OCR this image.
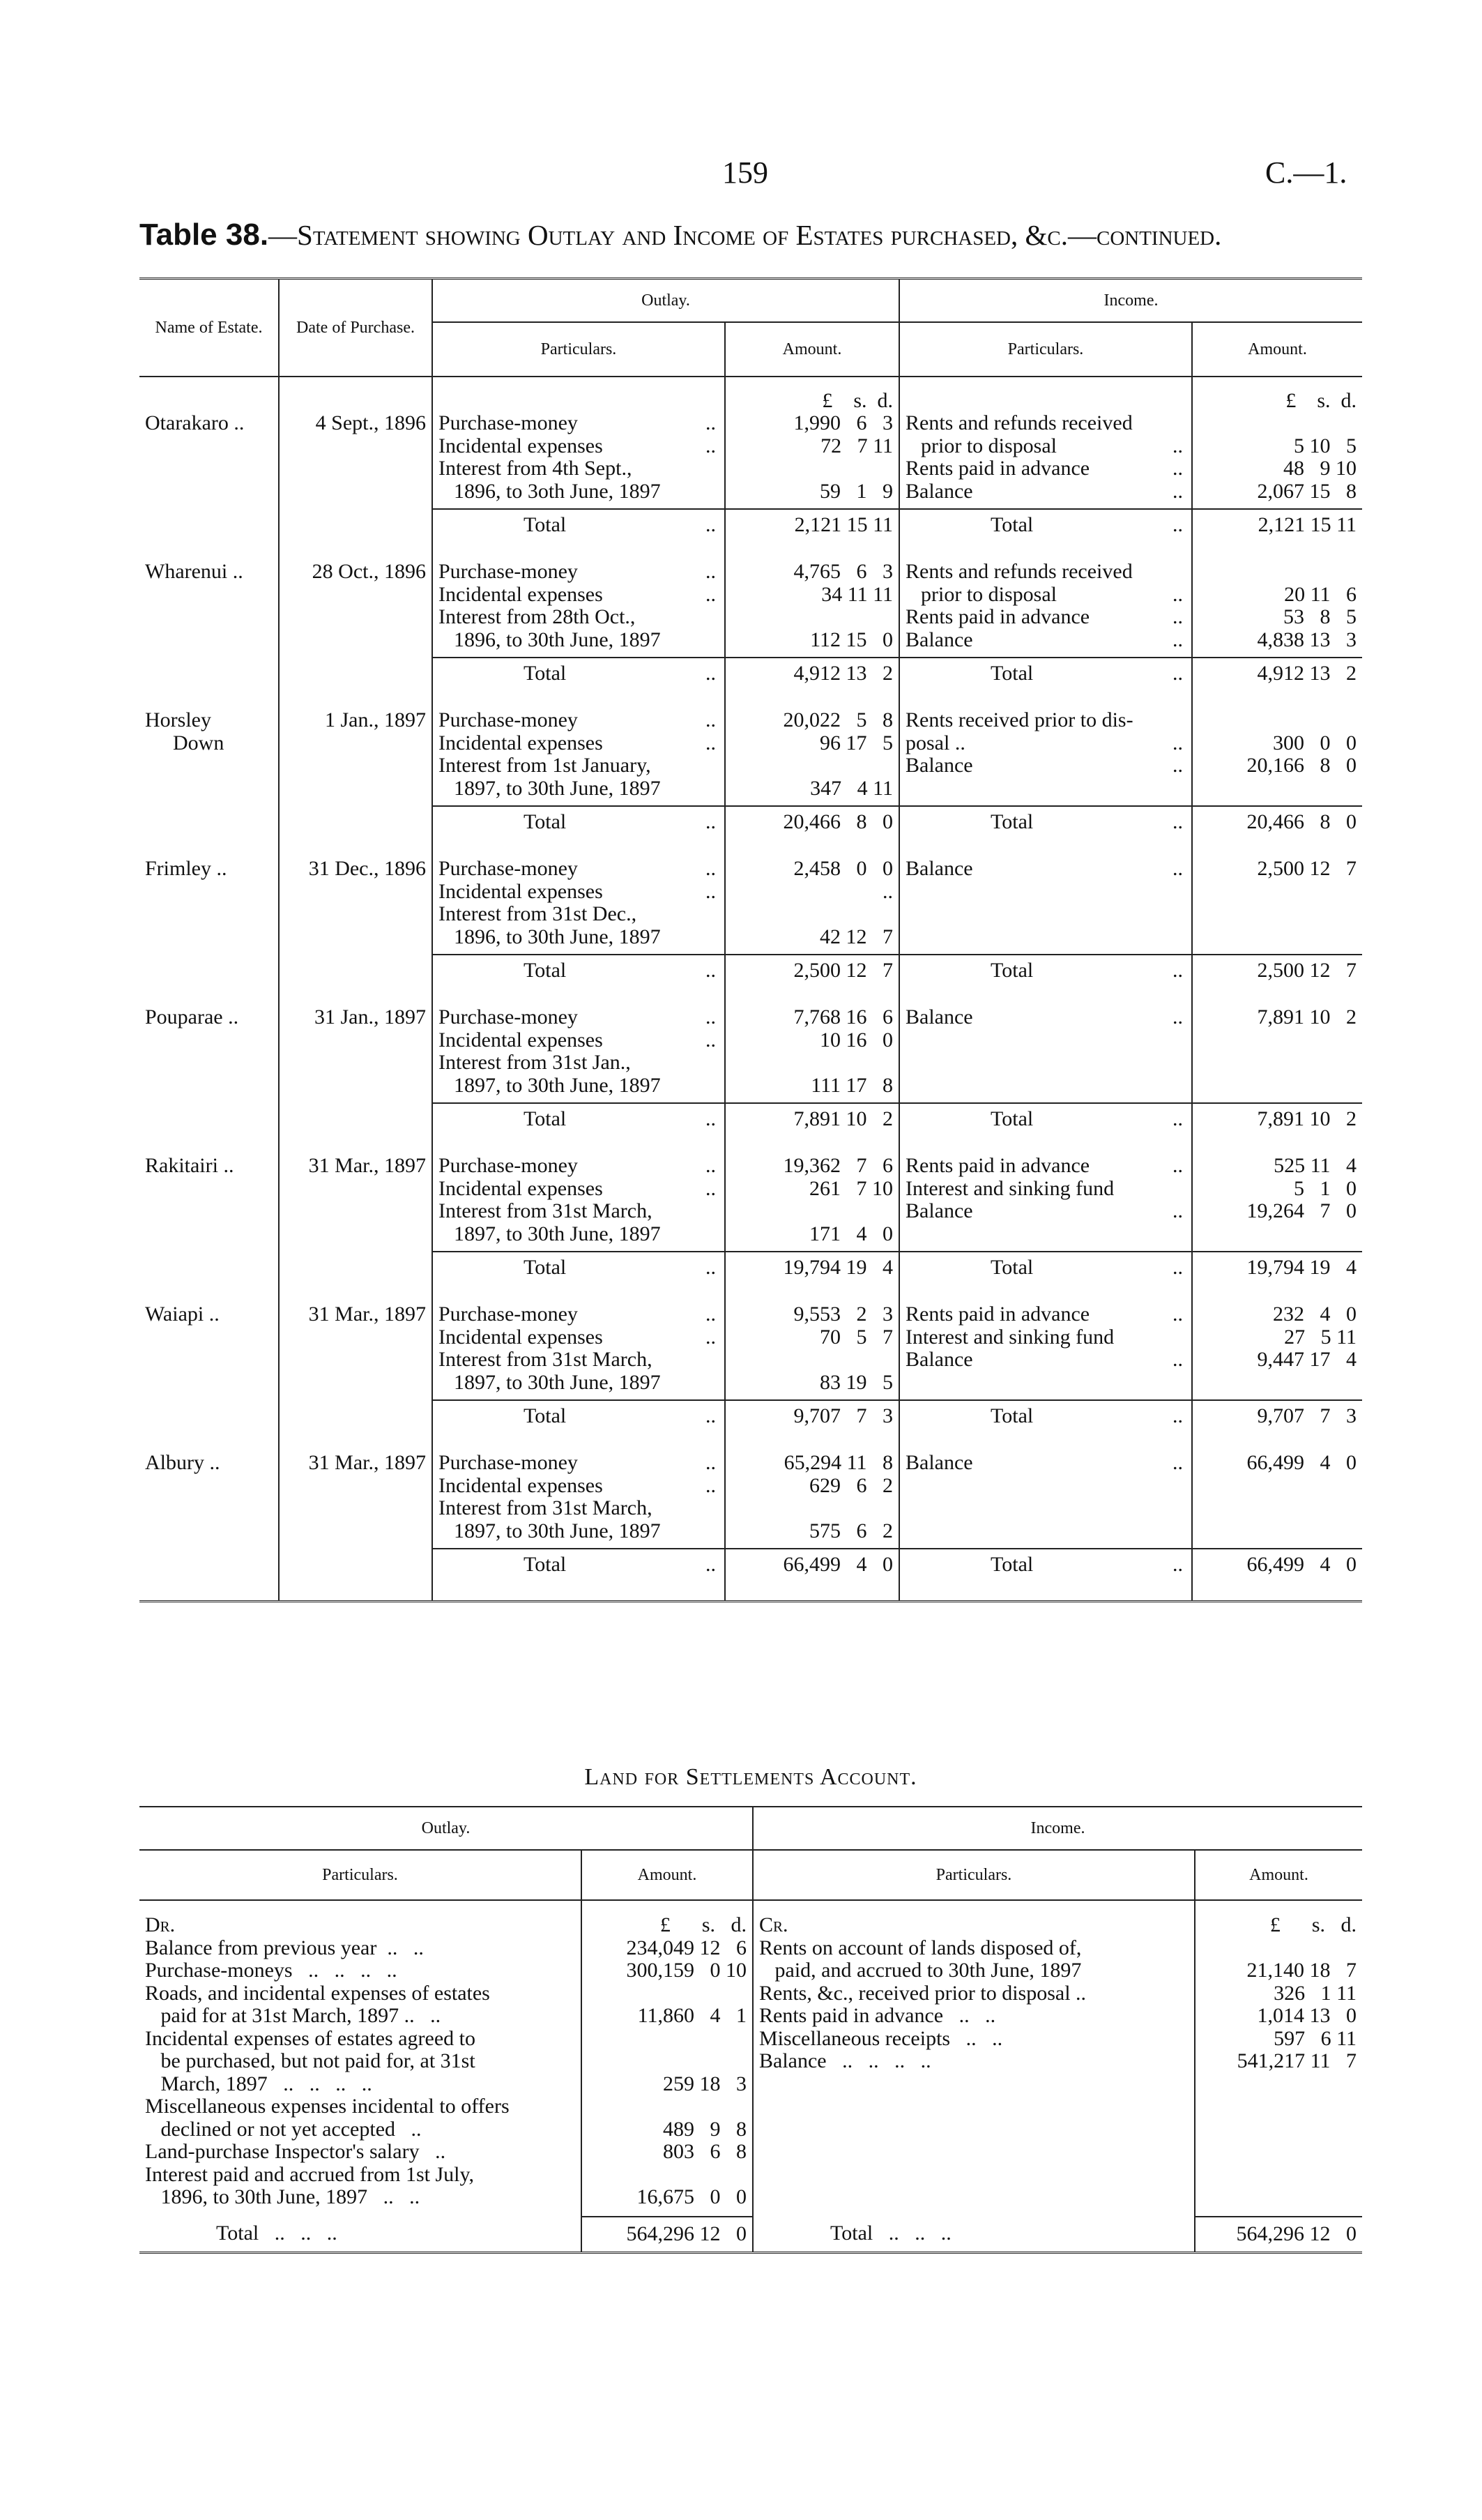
159	C.—1.
Table 38.—Statement showing Outlay and Income of Estates purchased, &c.—continued.
Name of Estate.	Date of Purchase.	Outlay.		Income.	
		Particulars.	Amount.	Particulars.	Amount.
			£    s.  d.		£    s.  d.
Otarakaro ..	4 Sept., 1896	Purchase-money ..	1,990   6   3	Rents and refunds received	
		Incidental expenses ..	72   7 11	prior to disposal ..	5 10   5
		Interest from 4th Sept.,		Rents paid in advance ..	48   9 10
		1896, to 3oth June, 1897	59   1   9	Balance ..	2,067 15   8

		Total ..	2,121 15 11	Total ..	2,121 15 11

Wharenui ..	28 Oct., 1896	Purchase-money ..	4,765   6   3	Rents and refunds received	
		Incidental expenses ..	34 11 11	prior to disposal ..	20 11   6
		Interest from 28th Oct.,		Rents paid in advance ..	53   8   5
		1896, to 30th June, 1897	112 15   0	Balance ..	4,838 13   3

		Total ..	4,912 13   2	Total ..	4,912 13   2

Horsley	1 Jan., 1897	Purchase-money ..	20,022   5   8	Rents received prior to dis-	
Down		Incidental expenses ..	96 17   5	posal .. ..	300   0   0
		Interest from 1st January,		Balance ..	20,166   8   0
		1897, to 30th June, 1897	347   4 11		

		Total ..	20,466   8   0	Total ..	20,466   8   0

Frimley ..	31 Dec., 1896	Purchase-money ..	2,458   0   0	Balance ..	2,500 12   7
		Incidental expenses ..	..		
		Interest from 31st Dec.,			
		1896, to 30th June, 1897	42 12   7		

		Total ..	2,500 12   7	Total ..	2,500 12   7

Pouparae ..	31 Jan., 1897	Purchase-money ..	7,768 16   6	Balance ..	7,891 10   2
		Incidental expenses ..	10 16   0		
		Interest from 31st Jan.,			
		1897, to 30th June, 1897	111 17   8		

		Total ..	7,891 10   2	Total ..	7,891 10   2

Rakitairi ..	31 Mar., 1897	Purchase-money ..	19,362   7   6	Rents paid in advance ..	525 11   4
		Incidental expenses ..	261   7 10	Interest and sinking fund	5   1   0
		Interest from 31st March,		Balance ..	19,264   7   0
		1897, to 30th June, 1897	171   4   0		

		Total ..	19,794 19   4	Total ..	19,794 19   4

Waiapi ..	31 Mar., 1897	Purchase-money ..	9,553   2   3	Rents paid in advance ..	232   4   0
		Incidental expenses ..	70   5   7	Interest and sinking fund	27   5 11
		Interest from 31st March,		Balance ..	9,447 17   4
		1897, to 30th June, 1897	83 19   5		

		Total ..	9,707   7   3	Total ..	9,707   7   3

Albury ..	31 Mar., 1897	Purchase-money ..	65,294 11   8	Balance ..	66,499   4   0
		Incidental expenses ..	629   6   2		
		Interest from 31st March,			
		1897, to 30th June, 1897	575   6   2		

		Total ..	66,499   4   0	Total ..	66,499   4   0

Land for Settlements Account.
Outlay.		Income.	
Particulars.	Amount.	Particulars.	Amount.

Dr.	£      s.   d.	Cr.	£      s.   d.
Balance from previous year  ..   ..	234,049 12   6	Rents on account of lands disposed of,	
Purchase-moneys   ..   ..   ..   ..	300,159   0 10	paid, and accrued to 30th June, 1897	21,140 18   7
Roads, and incidental expenses of estates		Rents, &c., received prior to disposal ..	326   1 11
paid for at 31st March, 1897 ..   ..	11,860   4   1	Rents paid in advance   ..   ..	1,014 13   0
Incidental expenses of estates agreed to		Miscellaneous receipts   ..   ..	597   6 11
be purchased, but not paid for, at 31st		Balance   ..   ..   ..   ..	541,217 11   7
March, 1897   ..   ..   ..   ..	259 18   3		
Miscellaneous expenses incidental to offers			
declined or not yet accepted   ..	489   9   8		
Land-purchase Inspector's salary   ..	803   6   8		
Interest paid and accrued from 1st July,			
1896, to 30th June, 1897   ..   ..	16,675   0   0		

Total   ..   ..   ..	564,296 12   0	Total   ..   ..   ..	564,296 12   0
